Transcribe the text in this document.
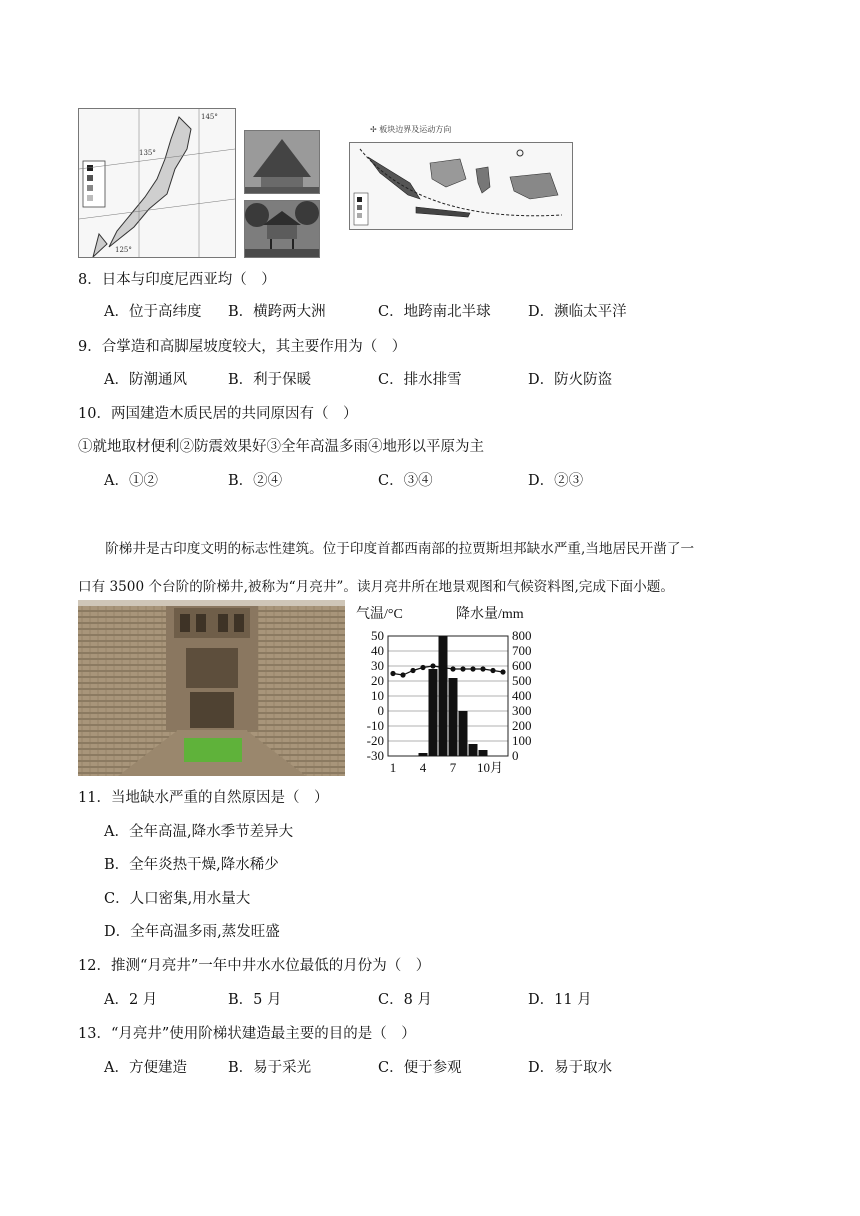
145°
135°
125°
✢ 板块边界及运动方向
8．日本与印度尼西亚均（　）
A．位于高纬度 B．横跨两大洲	C．地跨南北半球	D．濒临太平洋
9．合掌造和高脚屋坡度较大，其主要作用为（　）
A．防潮通风	B．利于保暖	C．排水排雪	D．防火防盗
10．两国建造木质民居的共同原因有（　）
①就地取材便利②防震效果好③全年高温多雨④地形以平原为主
A．①②	B．②④	C．③④	D．②③

阶梯井是古印度文明的标志性建筑。位于印度首都西南部的拉贾斯坦邦缺水严重,当地居民开凿了一

口有 3500 个台阶的阶梯井,被称为“月亮井”。读月亮井所在地景观图和气候资料图,完成下面小题。

气温/°C	降水量/mm
50
40
30
20
10
0
-10
-20
-30
800
700
600
500
400
300
200
100
0
1 4 7 10月
11．当地缺水严重的自然原因是（　）
A．全年高温,降水季节差异大
B．全年炎热干燥,降水稀少
C．人口密集,用水量大
D．全年高温多雨,蒸发旺盛
12．推测“月亮井”一年中井水水位最低的月份为（　）
A．2 月	B．5 月	C．8 月	D．11 月
13．“月亮井”使用阶梯状建造最主要的目的是（　）
A．方便建造	B．易于采光	C．便于参观	D．易于取水
